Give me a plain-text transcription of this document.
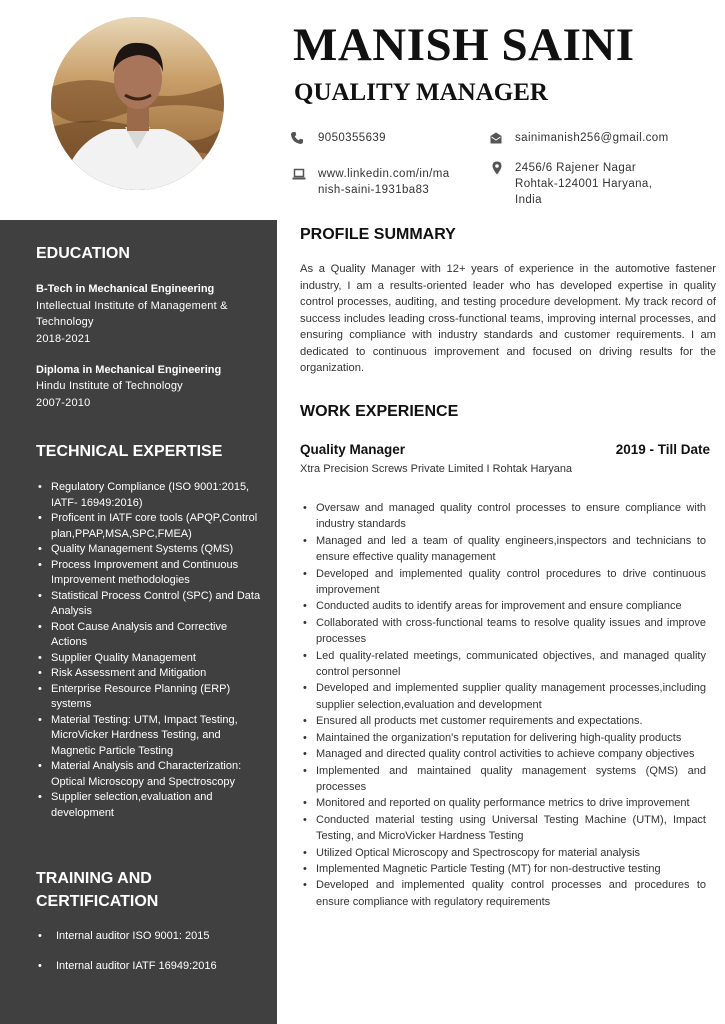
MANISH SAINI
QUALITY MANAGER
9050355639	sainimanish256@gmail.com
www.linkedin.com/in/ma
nish-saini-1931ba83
2456/6 Rajener Nagar
Rohtak-124001 Haryana,
India
EDUCATION
B-Tech in Mechanical Engineering
Intellectual Institute of Management &
Technology
2018-2021
Diploma in Mechanical Engineering
Hindu Institute of Technology
2007-2010
TECHNICAL EXPERTISE
• Regulatory Compliance (ISO 9001:2015, IATF- 16949:2016)
• Proficent in IATF core tools (APQP,Control plan,PPAP,MSA,SPC,FMEA)
• Quality Management Systems (QMS)
• Process Improvement and Continuous Improvement methodologies
• Statistical Process Control (SPC) and Data Analysis
• Root Cause Analysis and Corrective Actions
• Supplier Quality Management
• Risk Assessment and Mitigation
• Enterprise Resource Planning (ERP) systems
• Material Testing: UTM, Impact Testing, MicroVicker Hardness Testing, and Magnetic Particle Testing
• Material Analysis and Characterization: Optical Microscopy and Spectroscopy
• Supplier selection,evaluation and development
TRAINING AND
CERTIFICATION
• Internal auditor ISO 9001: 2015
• Internal auditor IATF 16949:2016
PROFILE SUMMARY

As a Quality Manager with 12+ years of experience in the automotive fastener industry, I am a results-oriented leader who has developed expertise in quality control processes, auditing, and testing procedure development. My track record of success includes leading cross-functional teams, improving internal processes, and ensuring compliance with industry standards and customer requirements. I am dedicated to continuous improvement and focused on driving results for the organization.

WORK EXPERIENCE
Quality Manager	2019 - Till Date
Xtra Precision Screws Private Limited I Rohtak Haryana
• Oversaw and managed quality control processes to ensure compliance with industry standards
• Managed and led a team of quality engineers,inspectors and technicians to ensure effective quality management
• Developed and implemented quality control procedures to drive continuous improvement
• Conducted audits to identify areas for improvement and ensure compliance
• Collaborated with cross-functional teams to resolve quality issues and improve processes
• Led quality-related meetings, communicated objectives, and managed quality control personnel
• Developed and implemented supplier quality management processes,including supplier selection,evaluation and development
• Ensured all products met customer requirements and expectations.
• Maintained the organization's reputation for delivering high-quality products
• Managed and directed quality control activities to achieve company objectives
• Implemented and maintained quality management systems (QMS) and processes
• Monitored and reported on quality performance metrics to drive improvement
• Conducted material testing using Universal Testing Machine (UTM), Impact Testing, and MicroVicker Hardness Testing
• Utilized Optical Microscopy and Spectroscopy for material analysis
• Implemented Magnetic Particle Testing (MT) for non-destructive testing
• Developed and implemented quality control processes and procedures to ensure compliance with regulatory requirements
